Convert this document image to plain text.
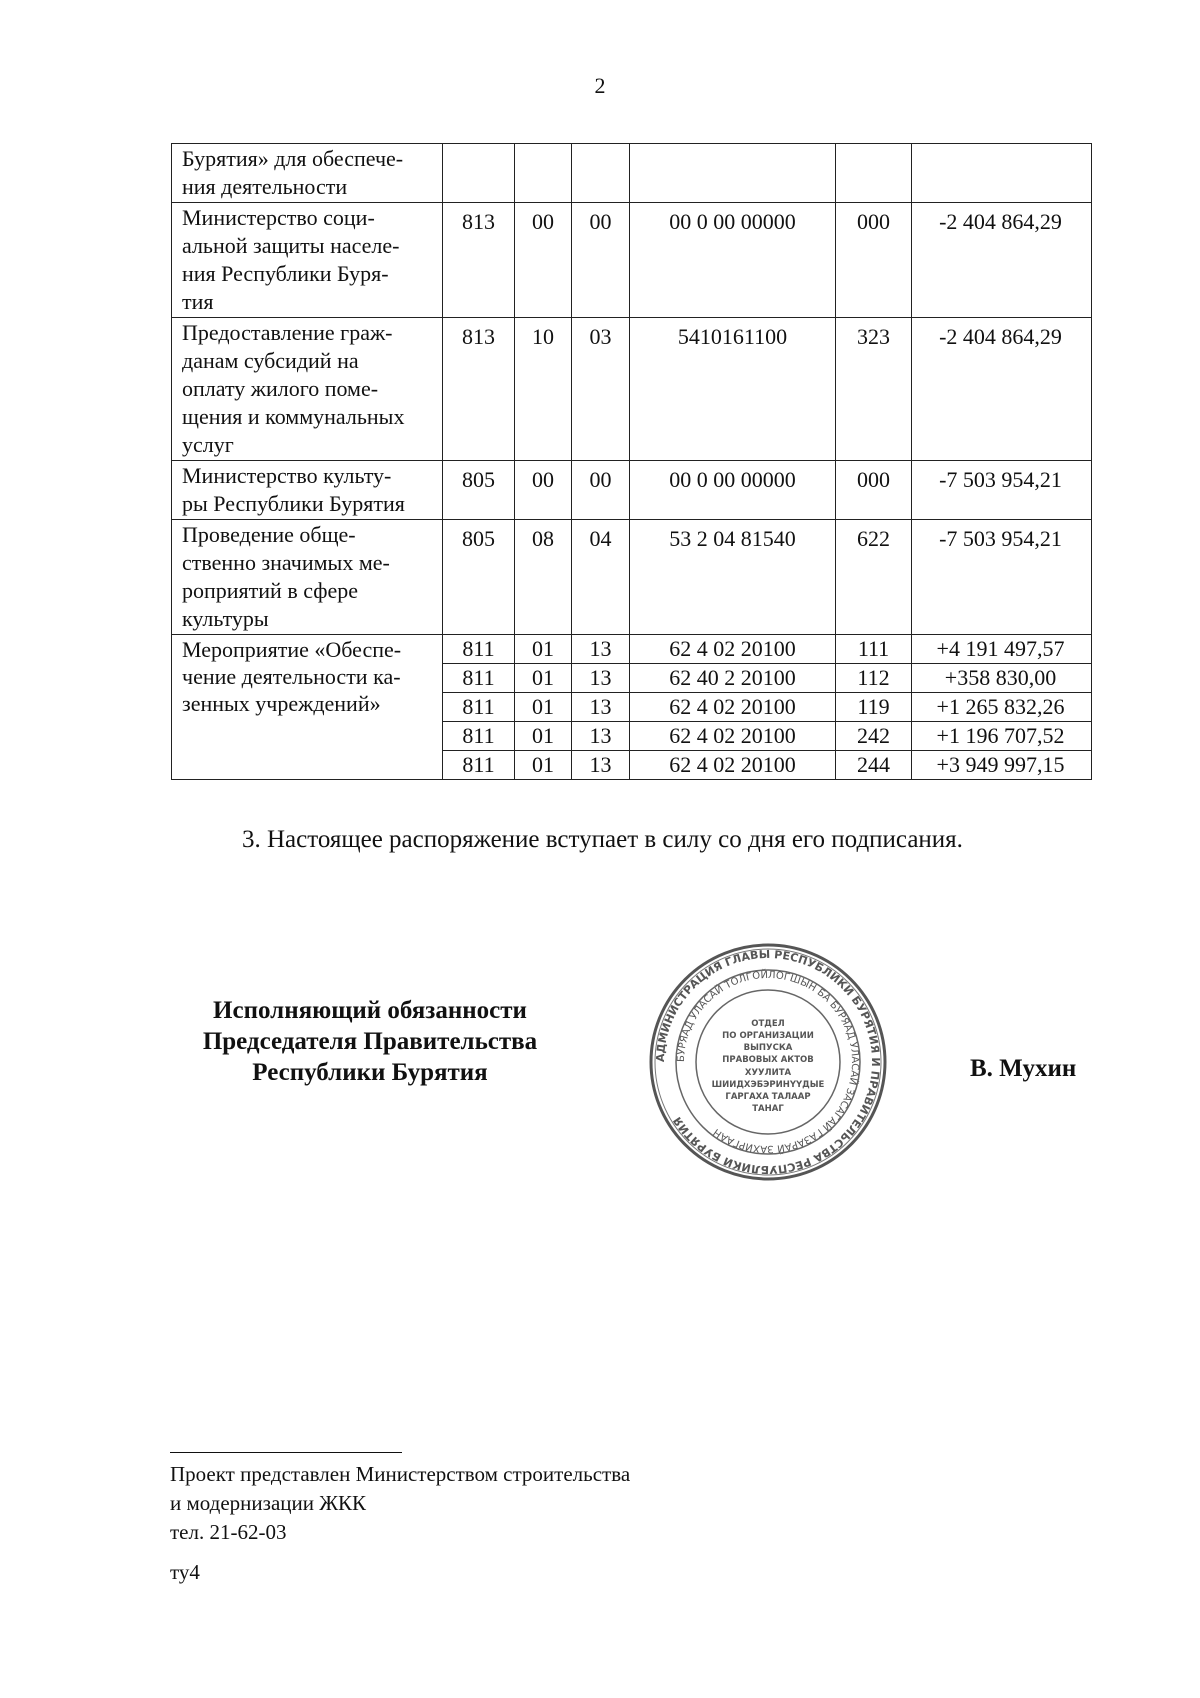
2
Бурятия» для обеспече-
ния деятельности						
Министерство соци-
альной защиты населе-
ния Республики Буря-
тия	813	00	00	00 0 00 00000	000	-2 404 864,29
Предоставление граж-
данам субсидий на
оплату жилого поме-
щения и коммунальных
услуг	813	10	03	5410161100	323	-2 404 864,29
Министерство культу-
ры Республики Бурятия	805	00	00	00 0 00 00000	000	-7 503 954,21
Проведение обще-
ственно значимых ме-
роприятий в сфере
культуры	805	08	04	53 2 04 81540	622	-7 503 954,21
Мероприятие «Обеспе-
чение деятельности ка-
зенных учреждений»	811	01	13	62 4 02 20100	111	+4 191 497,57
	811	01	13	62 40 2 20100	112	+358 830,00
	811	01	13	62 4 02 20100	119	+1 265 832,26
	811	01	13	62 4 02 20100	242	+1 196 707,52
	811	01	13	62 4 02 20100	244	+3 949 997,15
3. Настоящее распоряжение вступает в силу со дня его подписания.
Исполняющий обязанности
Председателя Правительства
Республики Бурятия	В. Мухин
АДМИНИСТРАЦИЯ ГЛАВЫ РЕСПУБЛИКИ БУРЯТИЯ И ПРАВИТЕЛЬСТВА РЕСПУБЛИКИ БУРЯТИЯ
БУРЯАД УЛАСАЙ ТОЛГОЙЛОГШЫН БА БУРЯАД УЛАСАЙ ЗАСАГАЙ ГАЗАРАЙ ЗАХИРГААН
ОТДЕЛ
ПО ОРГАНИЗАЦИИ
ВЫПУСКА
ПРАВОВЫХ АКТОВ
ХУУЛИТА
ШИИДХЭБЭРИНҮҮДЫЕ
ГАРГАХА ТАЛААР
ТАНАГ
Проект представлен Министерством строительства
и модернизации ЖКК
тел. 21-62-03
ту4
